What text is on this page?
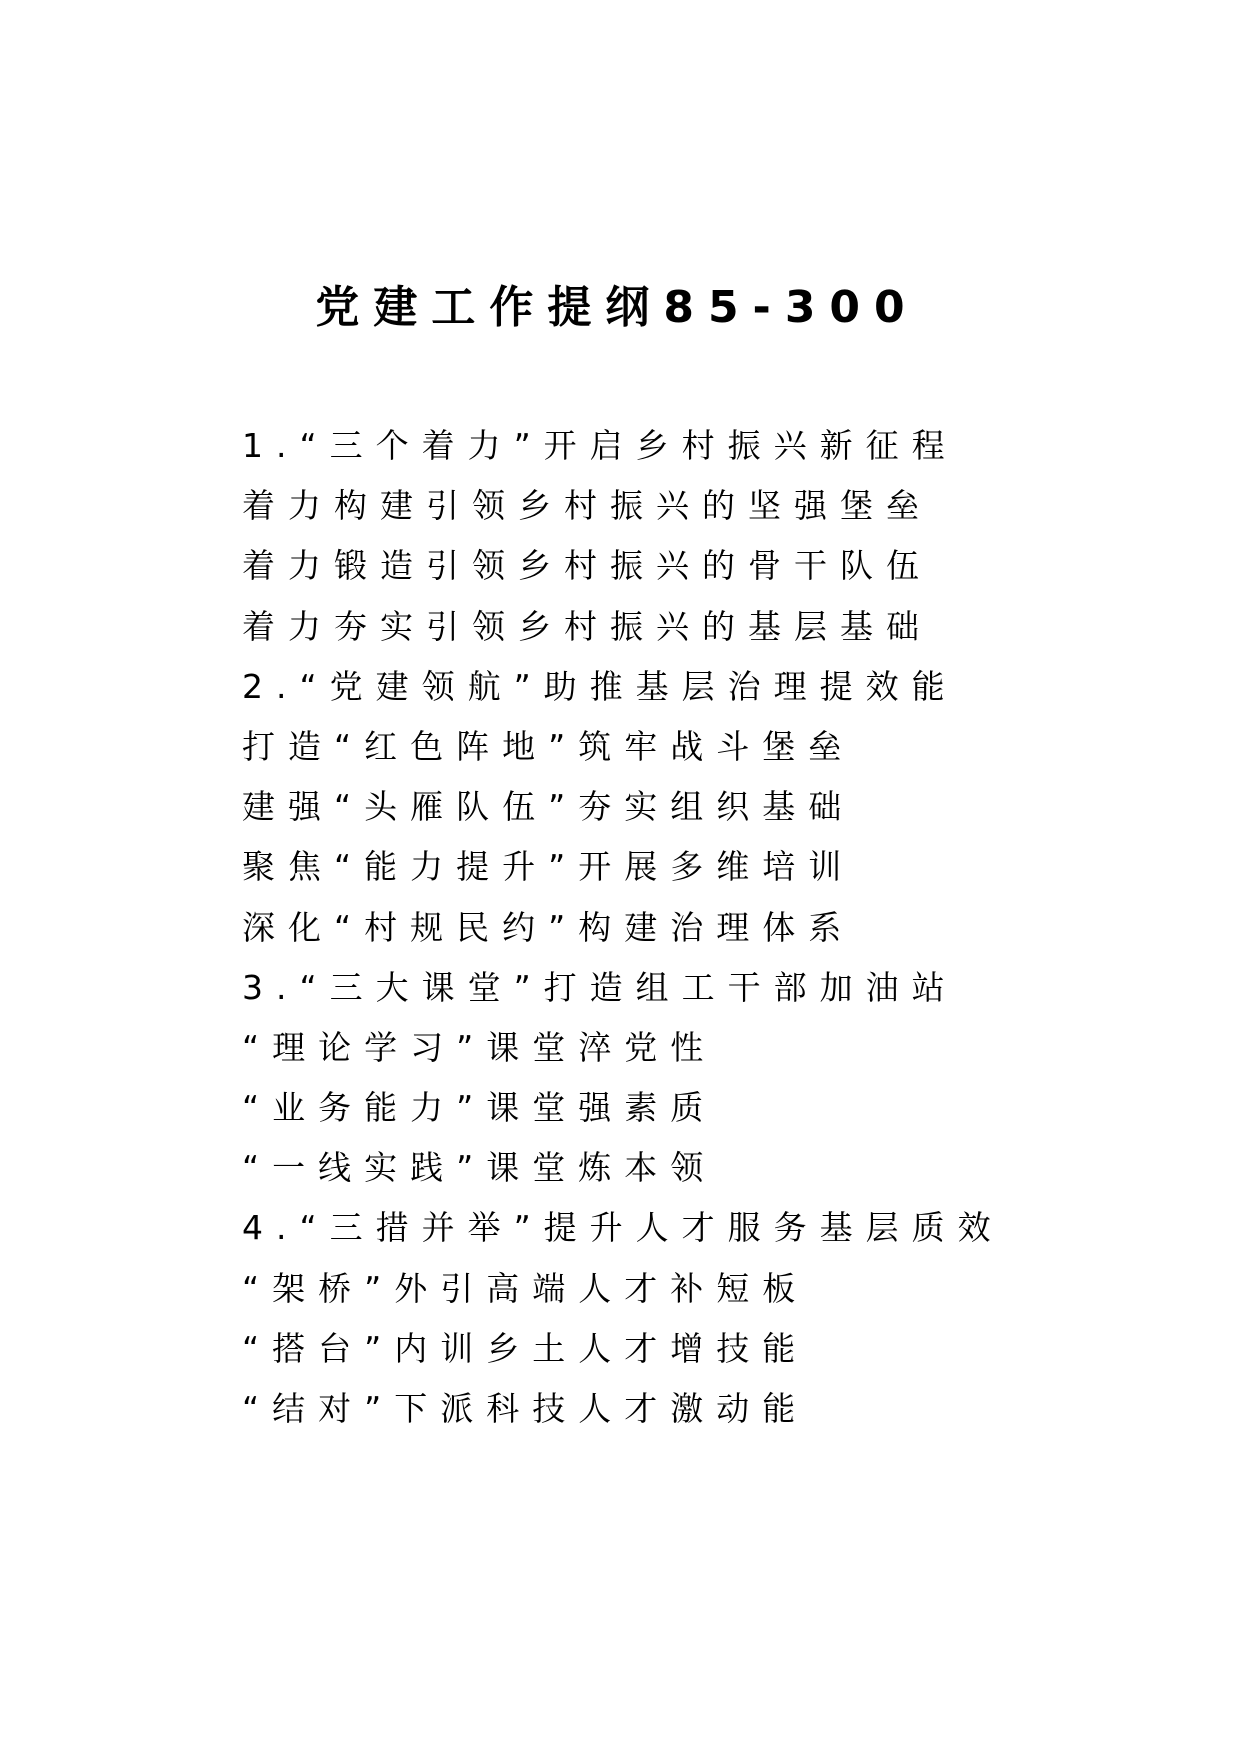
党建工作提纲85-300
1.“三个着力”开启乡村振兴新征程
着力构建引领乡村振兴的坚强堡垒
着力锻造引领乡村振兴的骨干队伍
着力夯实引领乡村振兴的基层基础
2.“党建领航”助推基层治理提效能
打造“红色阵地”筑牢战斗堡垒
建强“头雁队伍”夯实组织基础
聚焦“能力提升”开展多维培训
深化“村规民约”构建治理体系
3.“三大课堂”打造组工干部加油站
“理论学习”课堂淬党性
“业务能力”课堂强素质
“一线实践”课堂炼本领
4.“三措并举”提升人才服务基层质效
“架桥”外引高端人才补短板
“搭台”内训乡土人才增技能
“结对”下派科技人才激动能
